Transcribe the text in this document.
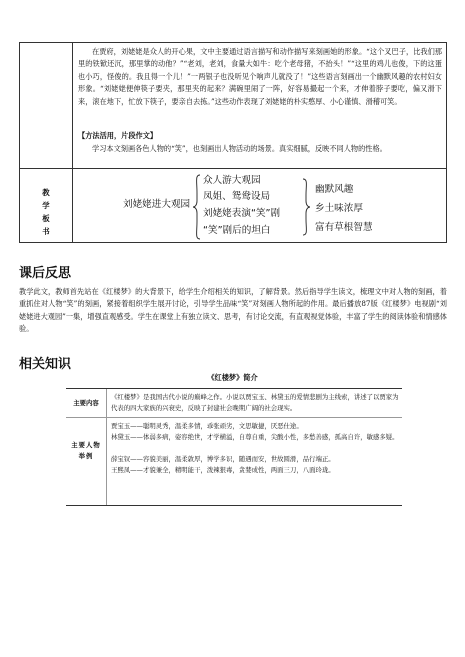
在贾府，刘姥姥是众人的开心果，文中主要通过语言描写和动作描写来刻画她的形象。“这个叉巴子，比我们那里的铁锨还沉，那里掌的动他？”“老刘，老刘，食量大如牛：吃个老母猪，不抬头！”“这里的鸡儿也俊，下的这蛋也小巧，怪俊的。我且得一个儿！”一两银子也没听见个响声儿就没了！”这些语言刻画出一个幽默风趣的农村妇女形象。“刘姥姥便伸筷子要夹，那里夹的起来？满碗里闹了一阵，好容易撮起一个来，才伸着脖子要吃，偏又滑下来，滚在地下，忙放下筷子，要亲自去拣。”这些动作表现了刘姥姥的朴实憨厚、小心谨慎、滑稽可笑。
【方法活用，片段作文】
学习本文刻画各色人物的“笑”，也刻画出人物活动的场景。真实细腻，反映不同人物的性格。
教学板书
刘姥姥进大观园
众人游大观园
凤姐、鸳鸯设局
刘姥姥表演“笑”剧
“笑”剧后的坦白
幽默风趣
乡土味浓厚
富有草根智慧
课后反思
教学此文，教师首先站在《红楼梦》的大背景下，给学生介绍相关的知识，了解背景。然后指导学生读文，梳理文中对人物的刻画，着重抓住对人物“笑”的刻画，紧接着组织学生展开讨论，引导学生品味“笑”对刻画人物所起的作用。最后播放87版《红楼梦》电视剧“刘姥姥进大观园”一集，增强直观感受。学生在课堂上有独立读文、思考，有讨论交流，有直观视觉体验，丰富了学生的阅读体验和情感体验。
相关知识
《红楼梦》简介
主要内容
《红楼梦》是我国古代小说的巅峰之作。小说以贾宝玉、林黛玉的爱情悲剧为主线索，讲述了以贾家为代表的四大家族的兴衰史，反映了封建社会晚期广阔的社会现实。
主要人物举例
贾宝玉——聪明灵秀，温柔多情，乖张顽劣，文思敏捷，厌恶仕途。
林黛玉——体弱多病，姿容绝世，才学横溢，自尊自重，尖酸小性，多愁善感，孤高自许，敏感多疑。
薛宝钗——容貌美丽，温柔敦厚，博学多识，随遇而安，世故圆滑，品行端正。
王熙凤——才貌兼全，精明能干，泼辣狠毒，贪婪成性，两面三刀，八面玲珑。
